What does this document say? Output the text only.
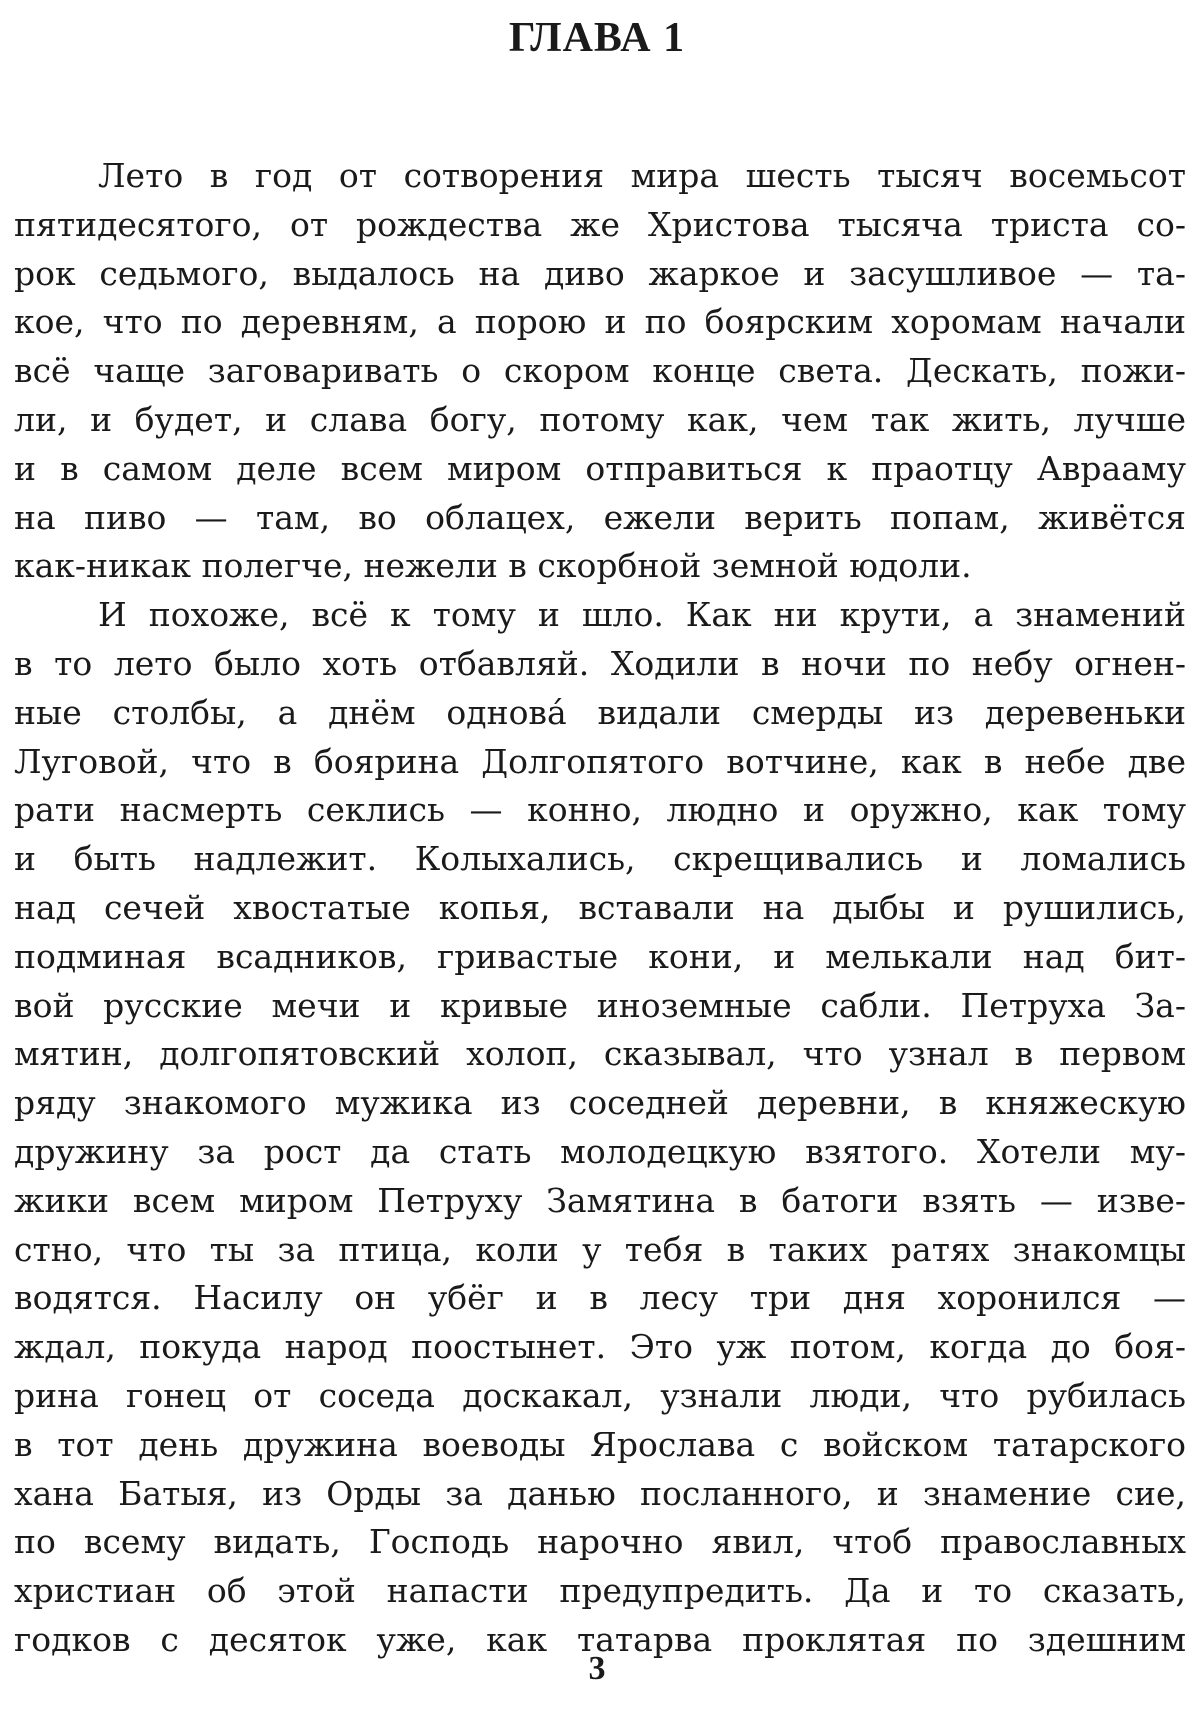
ГЛАВА 1
Лето в год от сотворения мира шесть тысяч восемьсот
пятидесятого, от рождества же Христова тысяча триста со-
рок седьмого, выдалось на диво жаркое и засушливое — та-
кое, что по деревням, а порою и по боярским хоромам начали
всё чаще заговаривать о скором конце света. Дескать, пожи-
ли, и будет, и слава богу, потому как, чем так жить, лучше
и в самом деле всем миром отправиться к праотцу Аврааму
на пиво — там, во облацех, ежели верить попам, живётся
как-никак полегче, нежели в скорбной земной юдоли.
И похоже, всё к тому и шло. Как ни крути, а знамений
в то лето было хоть отбавляй. Ходили в ночи по небу огнен-
ные столбы, а днём однова́ видали смерды из деревеньки
Луговой, что в боярина Долгопятого вотчине, как в небе две
рати насмерть секлись — конно, людно и оружно, как тому
и быть надлежит. Колыхались, скрещивались и ломались
над сечей хвостатые копья, вставали на дыбы и рушились,
подминая всадников, гривастые кони, и мелькали над бит-
вой русские мечи и кривые иноземные сабли. Петруха За-
мятин, долгопятовский холоп, сказывал, что узнал в первом
ряду знакомого мужика из соседней деревни, в княжескую
дружину за рост да стать молодецкую взятого. Хотели му-
жики всем миром Петруху Замятина в батоги взять — изве-
стно, что ты за птица, коли у тебя в таких ратях знакомцы
водятся. Насилу он убёг и в лесу три дня хоронился —
ждал, покуда народ поостынет. Это уж потом, когда до боя-
рина гонец от соседа доскакал, узнали люди, что рубилась
в тот день дружина воеводы Ярослава с войском татарского
хана Батыя, из Орды за данью посланного, и знамение сие,
по всему видать, Господь нарочно явил, чтоб православных
христиан об этой напасти предупредить. Да и то сказать,
годков с десяток уже, как татарва проклятая по здешним
3
